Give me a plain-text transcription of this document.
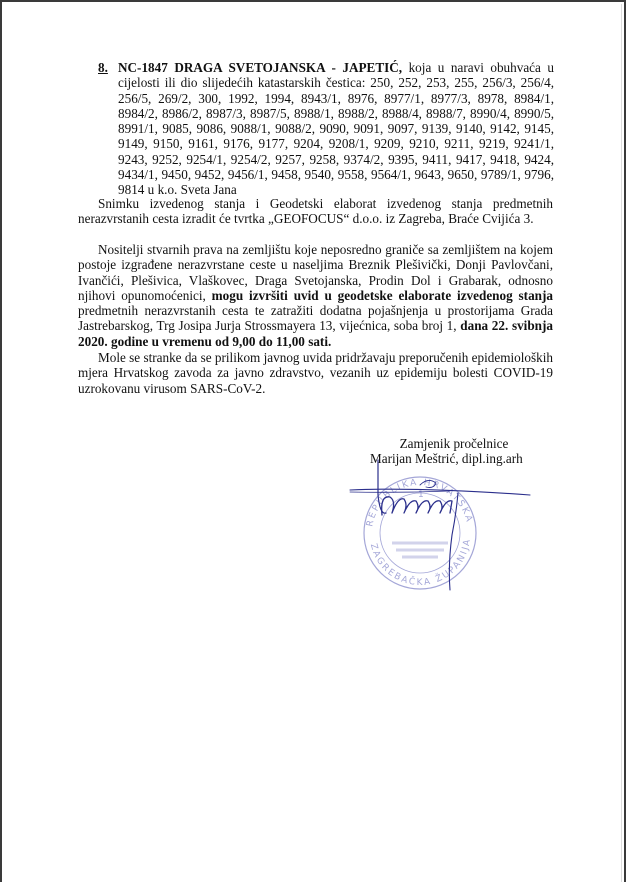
8. NC-1847 DRAGA SVETOJANSKA - JAPETIĆ, koja u naravi obuhvaća u cijelosti ili dio slijedećih katastarskih čestica: 250, 252, 253, 255, 256/3, 256/4, 256/5, 269/2, 300, 1992, 1994, 8943/1, 8976, 8977/1, 8977/3, 8978, 8984/1, 8984/2, 8986/2, 8987/3, 8987/5, 8988/1, 8988/2, 8988/4, 8988/7, 8990/4, 8990/5, 8991/1, 9085, 9086, 9088/1, 9088/2, 9090, 9091, 9097, 9139, 9140, 9142, 9145, 9149, 9150, 9161, 9176, 9177, 9204, 9208/1, 9209, 9210, 9211, 9219, 9241/1, 9243, 9252, 9254/1, 9254/2, 9257, 9258, 9374/2, 9395, 9411, 9417, 9418, 9424, 9434/1, 9450, 9452, 9456/1, 9458, 9540, 9558, 9564/1, 9643, 9650, 9789/1, 9796, 9814 u k.o. Sveta Jana
Snimku izvedenog stanja i Geodetski elaborat izvedenog stanja predmetnih nerazvrstanih cesta izradit će tvrtka „GEOFOCUS“ d.o.o. iz Zagreba, Braće Cvijića 3.
Nositelji stvarnih prava na zemljištu koje neposredno graniče sa zemljištem na kojem postoje izgrađene nerazvrstane ceste u naseljima Breznik Plešivički, Donji Pavlovčani, Ivančići, Plešivica, Vlaškovec, Draga Svetojanska, Prodin Dol i Grabarak, odnosno njihovi opunomoćenici, mogu izvršiti uvid u geodetske elaborate izvedenog stanja predmetnih nerazvrstanih cesta te zatražiti dodatna pojašnjenja u prostorijama Grada Jastrebarskog, Trg Josipa Jurja Strossmayera 13, vijećnica, soba broj 1, dana 22. svibnja 2020. godine u vremenu od 9,00 do 11,00 sati.
Mole se stranke da se prilikom javnog uvida pridržavaju preporučenih epidemioloških mjera Hrvatskog zavoda za javno zdravstvo, vezanih uz epidemiju bolesti COVID-19 uzrokovanu virusom SARS-CoV-2.
REPUBLIKA HRVATSKA
ZAGREBAČKA ŽUPANIJA
1
Zamjenik pročelnice
Marijan Meštrić, dipl.ing.arh
